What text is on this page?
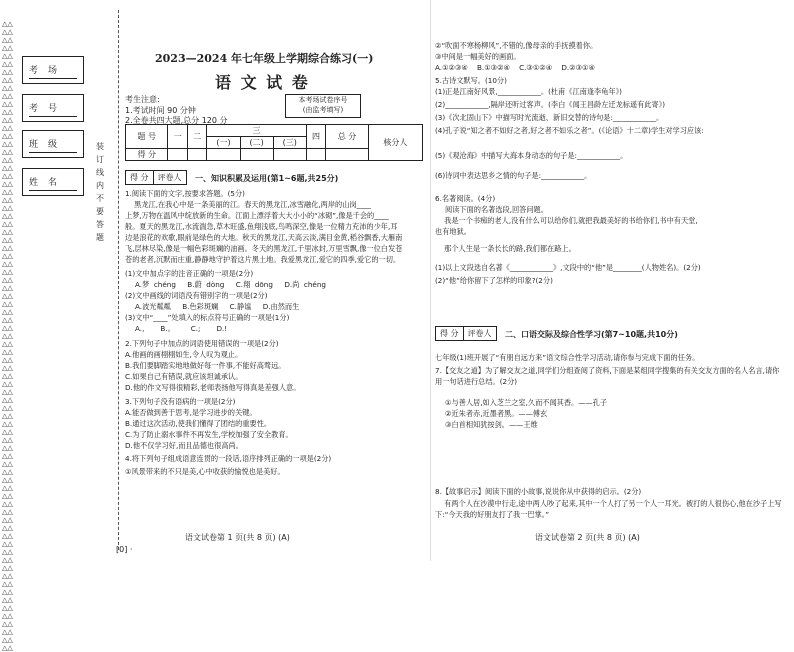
△△△△△△△△△△△△△△△△△△△△△△△△△△△△△△△△△△△△△△△△△△△△△△△△△△△△△△△△△△△△△△△△△△△△△△△△△△△△△△△△△△△△△△△△△△△△△△△△△△△△△△△△△△△△△△△△△△△△△△△△△△△△△△△△△△△△△△△△△△△△△△△△△△△△△△△△△△△△△△
考场
考号
班级
姓名
装 订 线 内 不 要 答 题
2023—2024 年七年级上学期综合练习(一)
语 文 试 卷
考生注意:
1.考试时间 90 分钟
2.全卷共四大题,总分 120 分
本考场试卷序号
(由监考填写)
题 号	一	二	三			四	总 分	核分人
			(一)	(二)	(三)			
得 分								
得 分	评卷人	一、知识积累及运用(第1~6题,共25分)
1.阅读下面的文字,按要求答题。(5分)
黑龙江,在我心中是一条美丽的江。春天的黑龙江,冰雪融化,两岸的山岗____
上梦,万物在温风中绽放新的生命。江面上漂浮着大大小小的“冰砌”,像是千会的____
般。夏天的黑龙江,水流湍急,草木旺盛,鱼翔浅底,鸟鸣深空,像是一位精力充沛的少年,耳
边是浪花的欢歌,眼前是绿色的大地。秋天的黑龙江,天高云淡,满目金黄,稻谷飘香,大雁南
飞,层林尽染,像是一幅色彩斑斓的油画。冬天的黑龙江,千里冰封,万里雪飘,像一位白发苍
苍的老者,沉默而庄重,静静地守护着这片黑土地。我爱黑龙江,爱它的四季,爱它的一切。
(1)文中加点字的注音正确的一项是(2分)
A.梦  chéng     B.蔚  dòng     C.翔  dōng     D.尚  chéng
(2)文中画线的词语没有错别字的一项是(2分)
A.波光粼粼     B.色彩斑斓     C.静谧     D.由然而生
(3)文中“____”处填入的标点符号正确的一项是(1分)
A.,       B.。       C.;       D.!
2.下列句子中加点的词语使用错误的一项是(2分)
A.他画的画栩栩如生,令人叹为观止。
B.我们要脚踏实地地做好每一件事,不能好高骛远。
C.如果自己有错误,就应该坦诚承认。
D.他的作文写得很精彩,老师表扬他写得真是差强人意。
3.下列句子没有语病的一项是(2分)
A.能否做到善于思考,是学习进步的关键。
B.通过这次活动,使我们懂得了团结的重要性。
C.为了防止溺水事件不再发生,学校加强了安全教育。
D.他不仅学习好,而且品德也很高尚。
4.将下列句子组成语意连贯的一段话,语序排列正确的一项是(2分)
①风景带来的不只是美,心中收获的愉悦也是美好。
语文试卷第 1 页(共 8 页) (A)
②“吹面不寒杨柳风”,不错的,像母亲的手抚摸着你。
③中间是一幅美好的画面。
A.①②③④    B.①③②④    C.③①②④    D.②③①④
5.古诗文默写。(10分)
(1)正是江南好风景,____________。(杜甫《江南逢李龟年》)
(2)____________,隔岸还听过客声。(李白《闻王昌龄左迁龙标遥有此寄》)
(3)《次北固山下》中描写时光流逝、新旧交替的诗句是:____________。
(4)孔子说“知之者不如好之者,好之者不如乐之者”。(《论语》十二章)学生对学习应该:
(5)《观沧海》中描写大海本身动态的句子是:____________。
(6)诗词中表达思乡之情的句子是:____________。
6.名著阅读。(4分)
阅读下面的名著选段,回答问题。
我是一个书痴的老人,没有什么可以给你们,就把我最美好的书给你们,书中有天堂,
也有地狱。
那个人生是一条长长的路,我们都在路上。
(1)以上文段选自名著《____________》,文段中的“他”是________(人物姓名)。(2分)
(2)“他”给你留下了怎样的印象?(2分)
得 分	评卷人	二、口语交际及综合性学习(第7~10题,共10分)
七年级(1)班开展了“有朋自远方来”语文综合性学习活动,请你参与完成下面的任务。
7.【交友之道】为了解交友之道,同学们分组查阅了资料,下面是某组同学搜集的有关交友方面的名人名言,请你用一句话进行总结。(2分)
①与善人居,如入芝兰之室,久而不闻其香。——孔子
②近朱者赤,近墨者黑。——傅玄
③白首相知犹按剑。——王维
8.【故事启示】阅读下面的小故事,说说你从中获得的启示。(2分)
有两个人在沙漠中行走,途中两人吵了起来,其中一个人打了另一个人一耳光。被打的人很伤心,他在沙子上写下:“今天我的好朋友打了我一巴掌。”
语文试卷第 2 页(共 8 页) (A)
[0] ·
